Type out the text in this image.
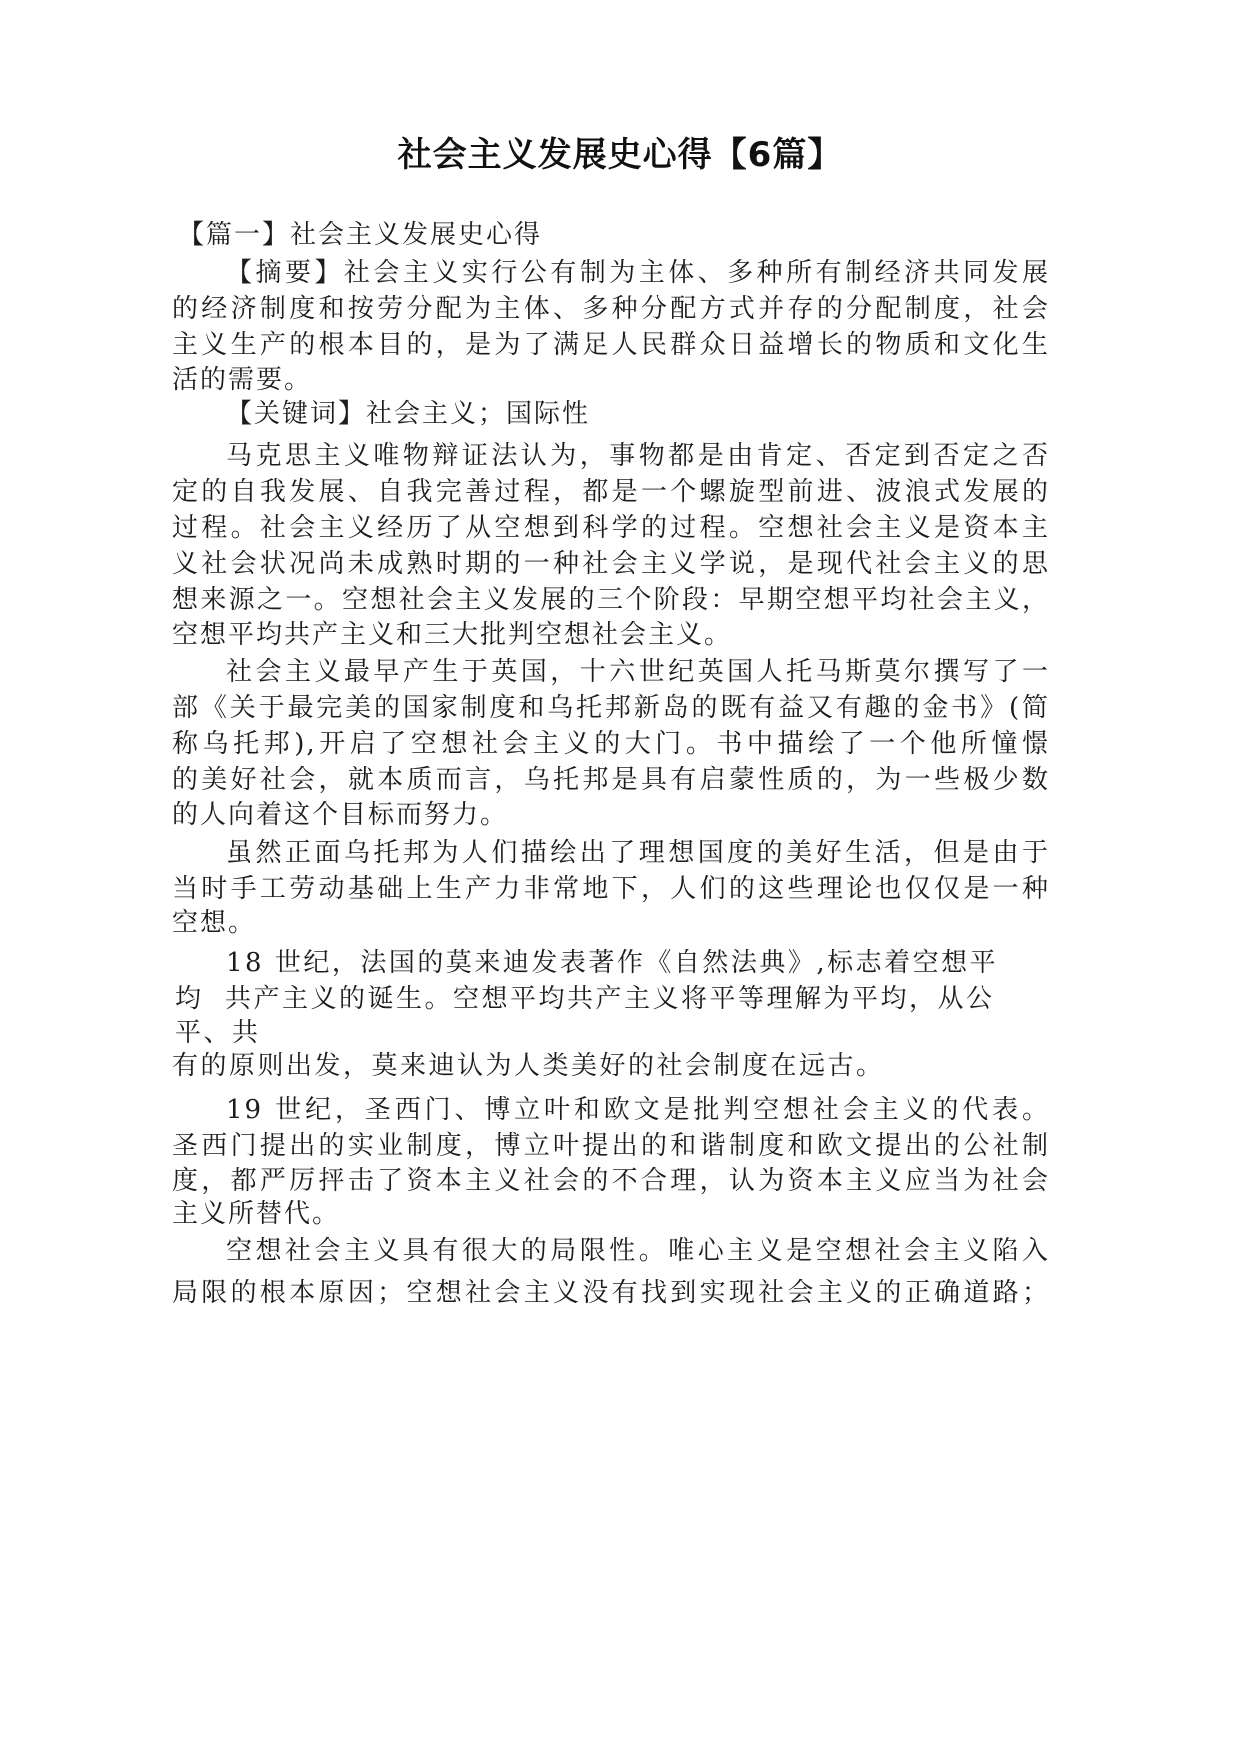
社会主义发展史心得【6篇】
【篇一】社会主义发展史心得
【摘要】社会主义实行公有制为主体、多种所有制经济共同发展
的经济制度和按劳分配为主体、多种分配方式并存的分配制度，社会
主义生产的根本目的，是为了满足人民群众日益增长的物质和文化生
活的需要。
【关键词】社会主义；国际性
马克思主义唯物辩证法认为，事物都是由肯定、否定到否定之否
定的自我发展、自我完善过程，都是一个螺旋型前进、波浪式发展的
过程。社会主义经历了从空想到科学的过程。空想社会主义是资本主
义社会状况尚未成熟时期的一种社会主义学说，是现代社会主义的思
想来源之一。空想社会主义发展的三个阶段：早期空想平均社会主义，
空想平均共产主义和三大批判空想社会主义。
社会主义最早产生于英国，十六世纪英国人托马斯莫尔撰写了一
部《关于最完美的国家制度和乌托邦新岛的既有益又有趣的金书》(简
称乌托邦),开启了空想社会主义的大门。书中描绘了一个他所憧憬
的美好社会，就本质而言，乌托邦是具有启蒙性质的，为一些极少数
的人向着这个目标而努力。
虽然正面乌托邦为人们描绘出了理想国度的美好生活，但是由于
当时手工劳动基础上生产力非常地下，人们的这些理论也仅仅是一种
空想。
18 世纪，法国的莫来迪发表著作《自然法典》,标志着空想平
均  共产主义的诞生。空想平均共产主义将平等理解为平均，从公
平、共
有的原则出发，莫来迪认为人类美好的社会制度在远古。
19 世纪，圣西门、博立叶和欧文是批判空想社会主义的代表。
圣西门提出的实业制度，博立叶提出的和谐制度和欧文提出的公社制
度，都严厉抨击了资本主义社会的不合理，认为资本主义应当为社会
主义所替代。
空想社会主义具有很大的局限性。唯心主义是空想社会主义陷入
局限的根本原因；空想社会主义没有找到实现社会主义的正确道路；
